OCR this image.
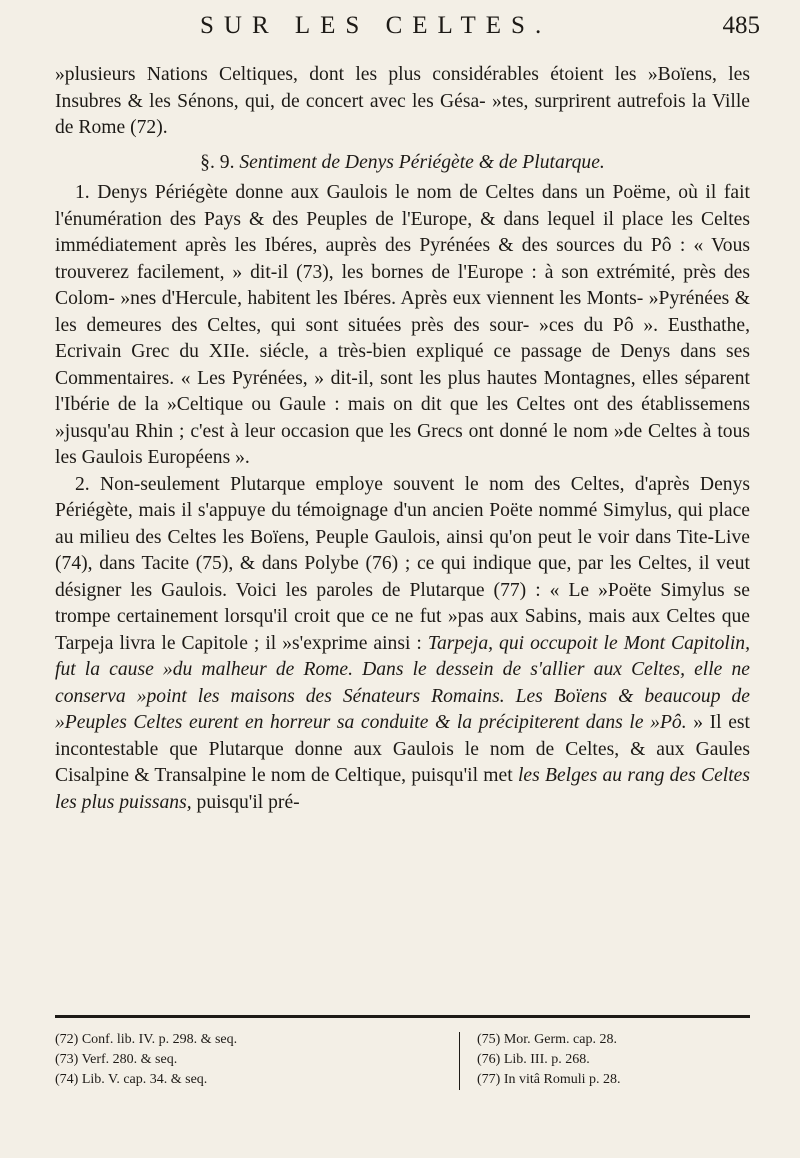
SUR LES CELTES.	485

»plusieurs Nations Celtiques, dont les plus considérables étoient les »Boïens, les Insubres & les Sénons, qui, de concert avec les Gésa- »tes, surprirent autrefois la Ville de Rome (72).

§. 9. Sentiment de Denys Périégète & de Plutarque.

1. Denys Périégète donne aux Gaulois le nom de Celtes dans un Poëme, où il fait l'énumération des Pays & des Peuples de l'Europe, & dans lequel il place les Celtes immédiatement après les Ibéres, auprès des Pyrénées & des sources du Pô : « Vous trouverez facilement, » dit-il (73), les bornes de l'Europe : à son extrémité, près des Colom- »nes d'Hercule, habitent les Ibéres. Après eux viennent les Monts- »Pyrénées & les demeures des Celtes, qui sont situées près des sour- »ces du Pô ». Eusthathe, Ecrivain Grec du XIIe. siécle, a très-bien expliqué ce passage de Denys dans ses Commentaires. « Les Pyrénées, » dit-il, sont les plus hautes Montagnes, elles séparent l'Ibérie de la »Celtique ou Gaule : mais on dit que les Celtes ont des établissemens »jusqu'au Rhin ; c'est à leur occasion que les Grecs ont donné le nom »de Celtes à tous les Gaulois Européens ».

2. Non-seulement Plutarque employe souvent le nom des Celtes, d'après Denys Périégète, mais il s'appuye du témoignage d'un ancien Poëte nommé Simylus, qui place au milieu des Celtes les Boïens, Peuple Gaulois, ainsi qu'on peut le voir dans Tite-Live (74), dans Tacite (75), & dans Polybe (76) ; ce qui indique que, par les Celtes, il veut désigner les Gaulois. Voici les paroles de Plutarque (77) : « Le »Poëte Simylus se trompe certainement lorsqu'il croit que ce ne fut »pas aux Sabins, mais aux Celtes que Tarpeja livra le Capitole ; il »s'exprime ainsi : Tarpeja, qui occupoit le Mont Capitolin, fut la cause »du malheur de Rome. Dans le dessein de s'allier aux Celtes, elle ne conserva »point les maisons des Sénateurs Romains. Les Boïens & beaucoup de »Peuples Celtes eurent en horreur sa conduite & la précipiterent dans le »Pô. » Il est incontestable que Plutarque donne aux Gaulois le nom de Celtes, & aux Gaules Cisalpine & Transalpine le nom de Celtique, puisqu'il met les Belges au rang des Celtes les plus puissans, puisqu'il pré-

(72) Conf. lib. IV. p. 298. & seq.
(73) Verf. 280. & seq.
(74) Lib. V. cap. 34. & seq.
(75) Mor. Germ. cap. 28.
(76) Lib. III. p. 268.
(77) In vitâ Romuli p. 28.
